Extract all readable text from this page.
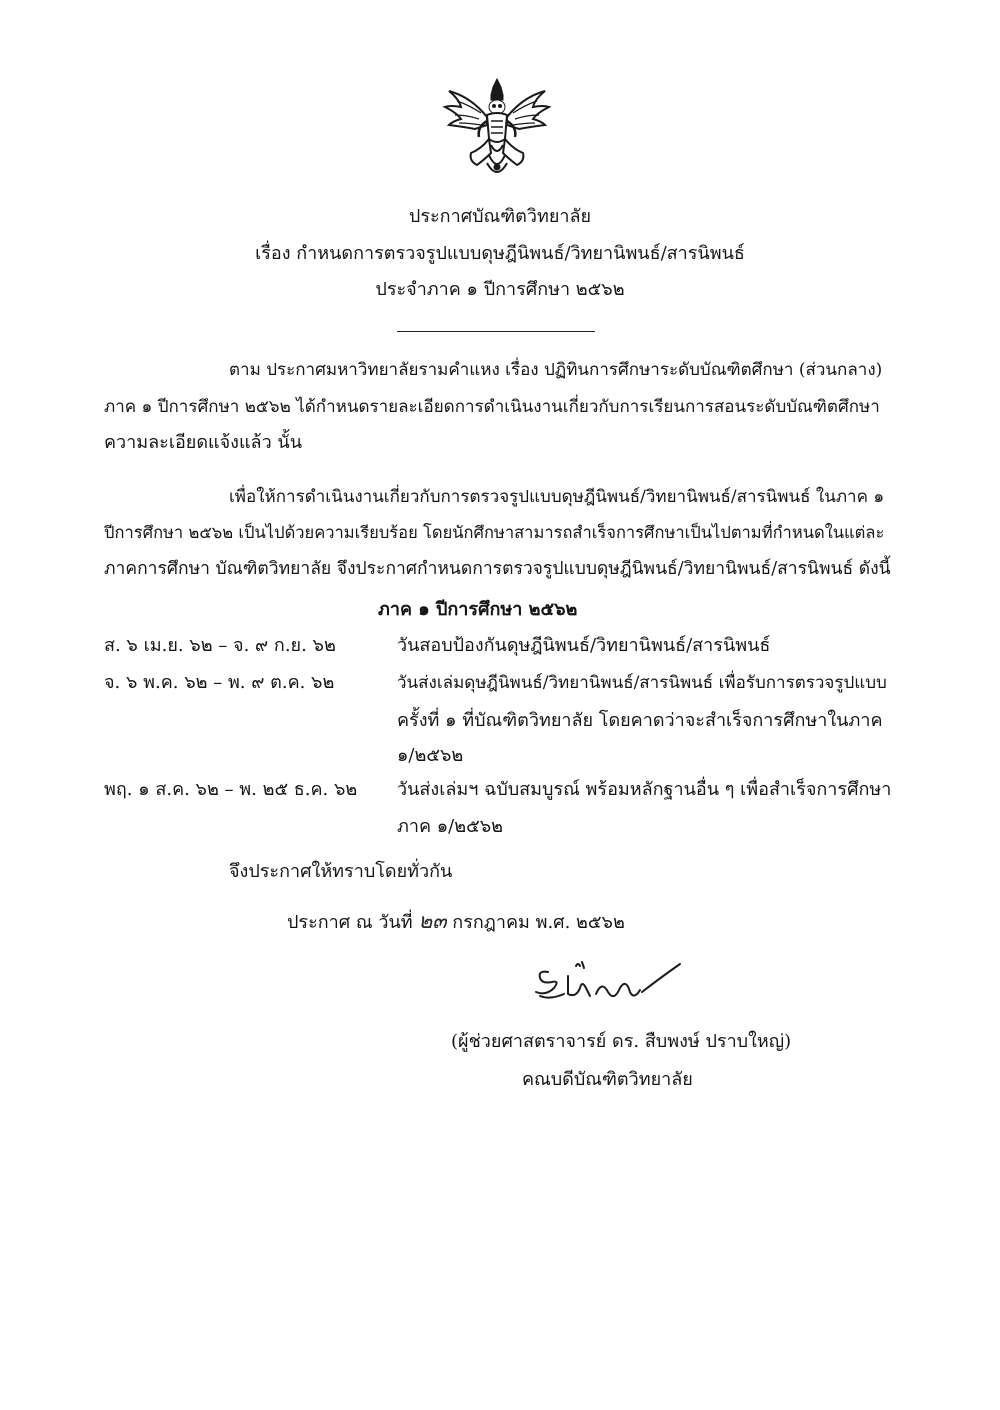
ประกาศบัณฑิตวิทยาลัย
เรื่อง กำหนดการตรวจรูปแบบดุษฎีนิพนธ์/วิทยานิพนธ์/สารนิพนธ์
ประจำภาค ๑ ปีการศึกษา ๒๕๖๒
ตาม ประกาศมหาวิทยาลัยรามคำแหง เรื่อง ปฏิทินการศึกษาระดับบัณฑิตศึกษา (ส่วนกลาง)
ภาค ๑ ปีการศึกษา ๒๕๖๒ ได้กำหนดรายละเอียดการดำเนินงานเกี่ยวกับการเรียนการสอนระดับบัณฑิตศึกษา
ความละเอียดแจ้งแล้ว นั้น
เพื่อให้การดำเนินงานเกี่ยวกับการตรวจรูปแบบดุษฎีนิพนธ์/วิทยานิพนธ์/สารนิพนธ์ ในภาค ๑
ปีการศึกษา ๒๕๖๒ เป็นไปด้วยความเรียบร้อย โดยนักศึกษาสามารถสำเร็จการศึกษาเป็นไปตามที่กำหนดในแต่ละ
ภาคการศึกษา บัณฑิตวิทยาลัย จึงประกาศกำหนดการตรวจรูปแบบดุษฎีนิพนธ์/วิทยานิพนธ์/สารนิพนธ์ ดังนี้
ภาค ๑ ปีการศึกษา ๒๕๖๒
ส. ๖ เม.ย. ๖๒ – จ. ๙ ก.ย. ๖๒	วันสอบป้องกันดุษฎีนิพนธ์/วิทยานิพนธ์/สารนิพนธ์
จ. ๖ พ.ค. ๖๒ – พ. ๙ ต.ค. ๖๒	วันส่งเล่มดุษฎีนิพนธ์/วิทยานิพนธ์/สารนิพนธ์ เพื่อรับการตรวจรูปแบบ
ครั้งที่ ๑ ที่บัณฑิตวิทยาลัย โดยคาดว่าจะสำเร็จการศึกษาในภาค
๑/๒๕๖๒
พฤ. ๑ ส.ค. ๖๒ – พ. ๒๕ ธ.ค. ๖๒ วันส่งเล่มฯ ฉบับสมบูรณ์ พร้อมหลักฐานอื่น ๆ เพื่อสำเร็จการศึกษา
ภาค ๑/๒๕๖๒
จึงประกาศให้ทราบโดยทั่วกัน
ประกาศ ณ วันที่ ๒๓ กรกฎาคม พ.ศ. ๒๕๖๒
(ผู้ช่วยศาสตราจารย์ ดร. สืบพงษ์ ปราบใหญ่)
คณบดีบัณฑิตวิทยาลัย
